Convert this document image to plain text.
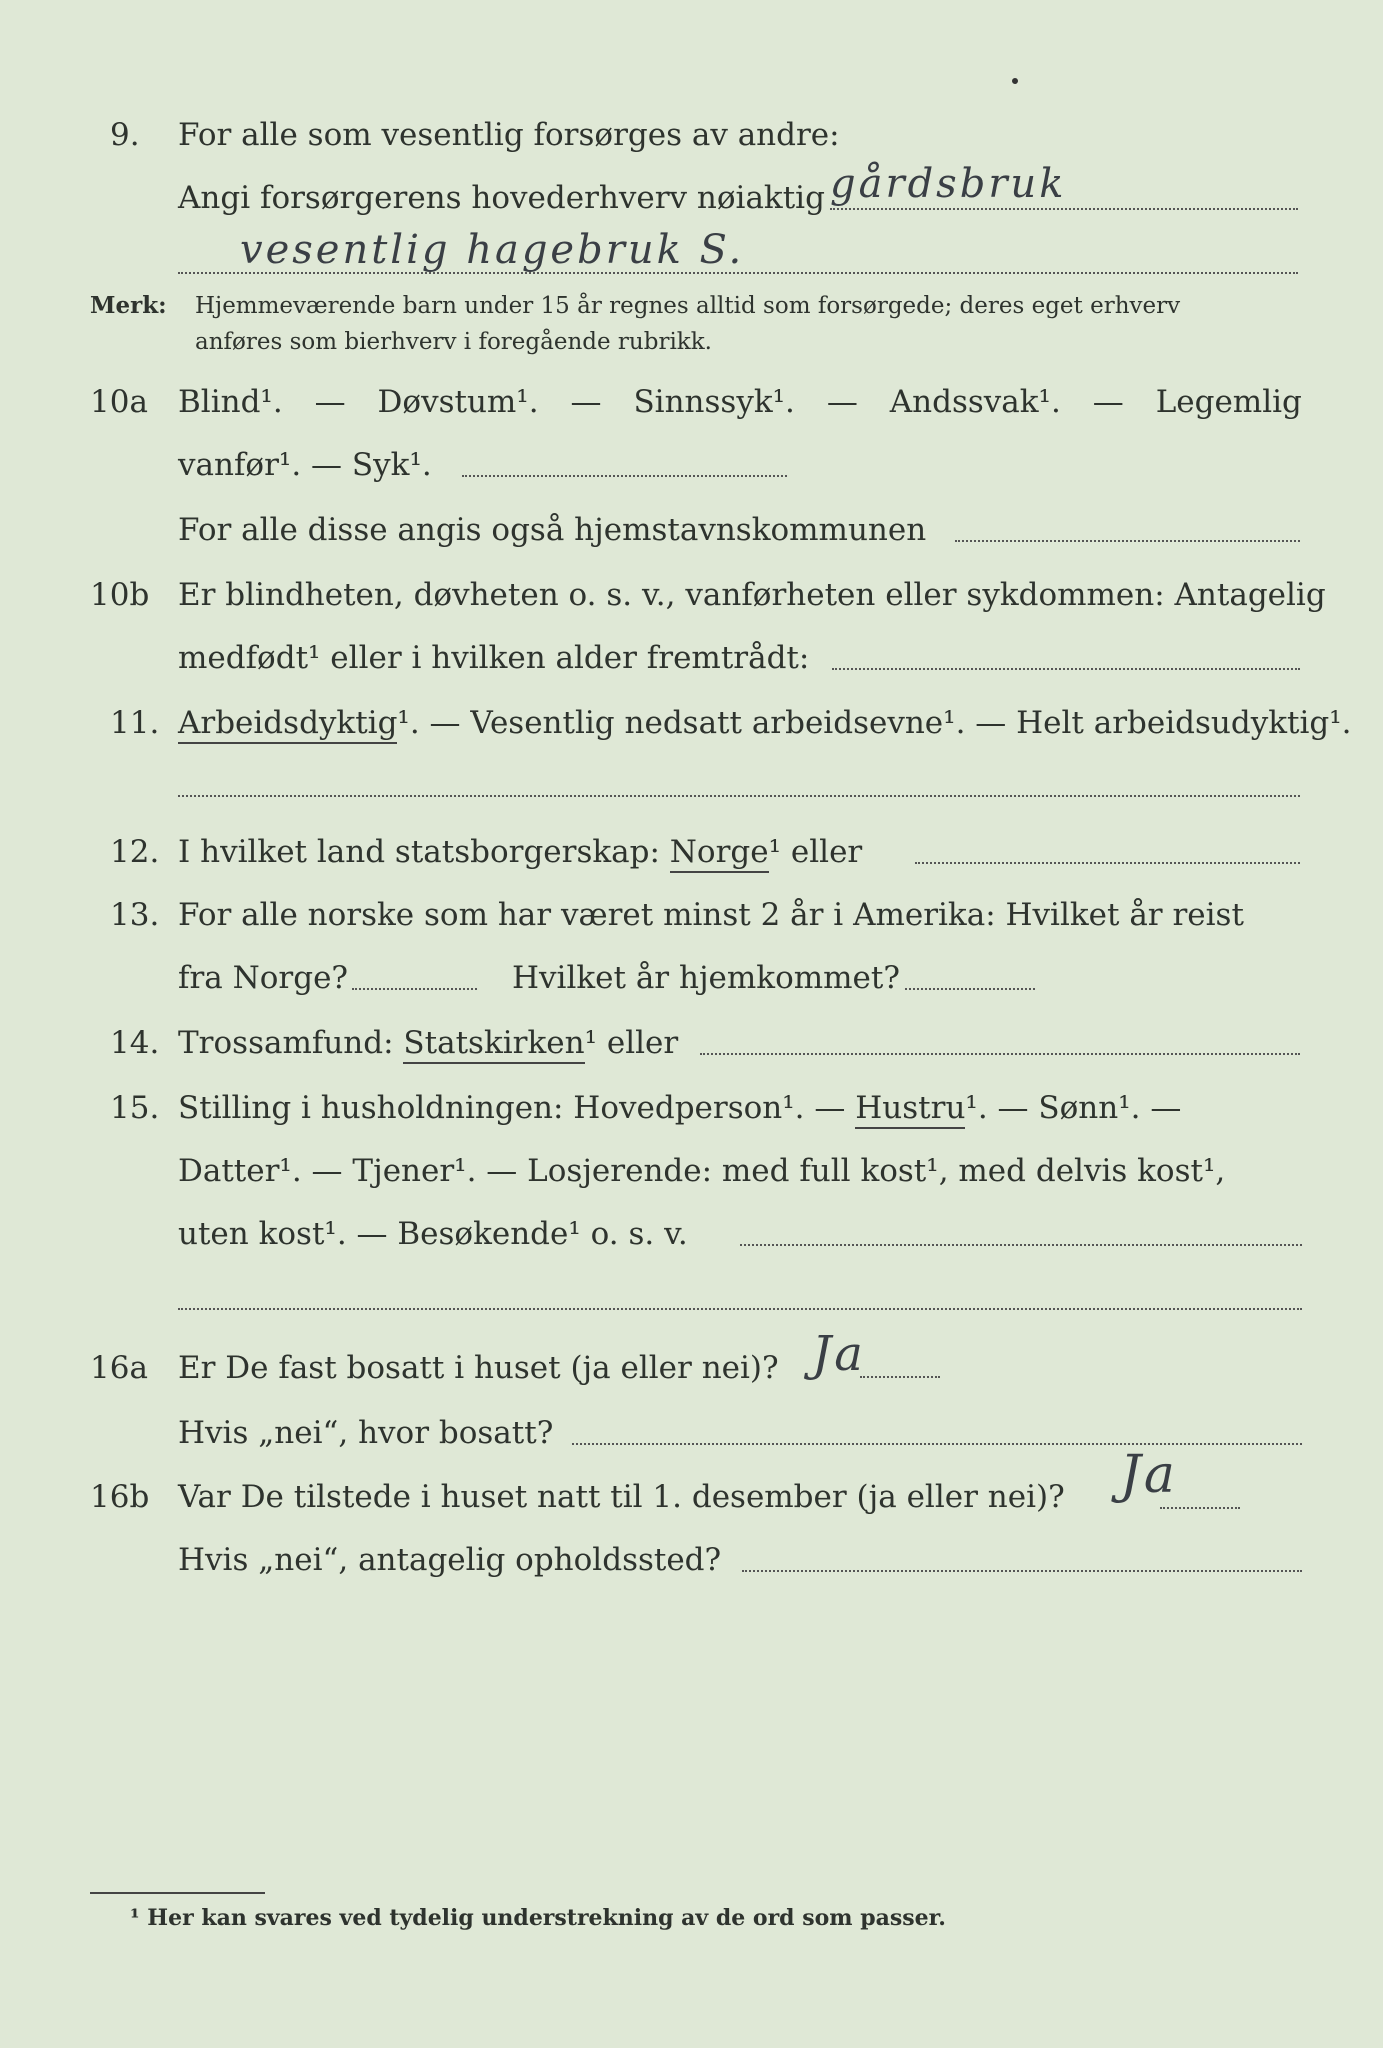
9. For alle som vesentlig forsørges av andre:
Angi forsørgerens hovederhverv nøiaktig gårdsbruk
vesentlig hagebruk S.
Merk: Hjemmeværende barn under 15 år regnes alltid som forsørgede; deres eget erhverv
anføres som bierhverv i foregående rubrikk.
10a Blind¹. — Døvstum¹. — Sinnssyk¹. — Andssvak¹. — Legemlig
vanfør¹. — Syk¹.
For alle disse angis også hjemstavnskommunen
10b Er blindheten, døvheten o. s. v., vanførheten eller sykdommen: Antagelig
medfødt¹ eller i hvilken alder fremtrådt:
11. Arbeidsdyktig¹. — Vesentlig nedsatt arbeidsevne¹. — Helt arbeidsudyktig¹.
12. I hvilket land statsborgerskap: Norge¹ eller
13. For alle norske som har været minst 2 år i Amerika: Hvilket år reist
fra Norge?	Hvilket år hjemkommet?
14. Trossamfund: Statskirken¹ eller
15. Stilling i husholdningen: Hovedperson¹. — Hustru¹. — Sønn¹. —
Datter¹. — Tjener¹. — Losjerende: med full kost¹, med delvis kost¹,
uten kost¹. — Besøkende¹ o. s. v.
16a Er De fast bosatt i huset (ja eller nei)? Ja
Hvis „nei“, hvor bosatt?
16b Var De tilstede i huset natt til 1. desember (ja eller nei)? Ja
Hvis „nei“, antagelig opholdssted?
¹ Her kan svares ved tydelig understrekning av de ord som passer.
